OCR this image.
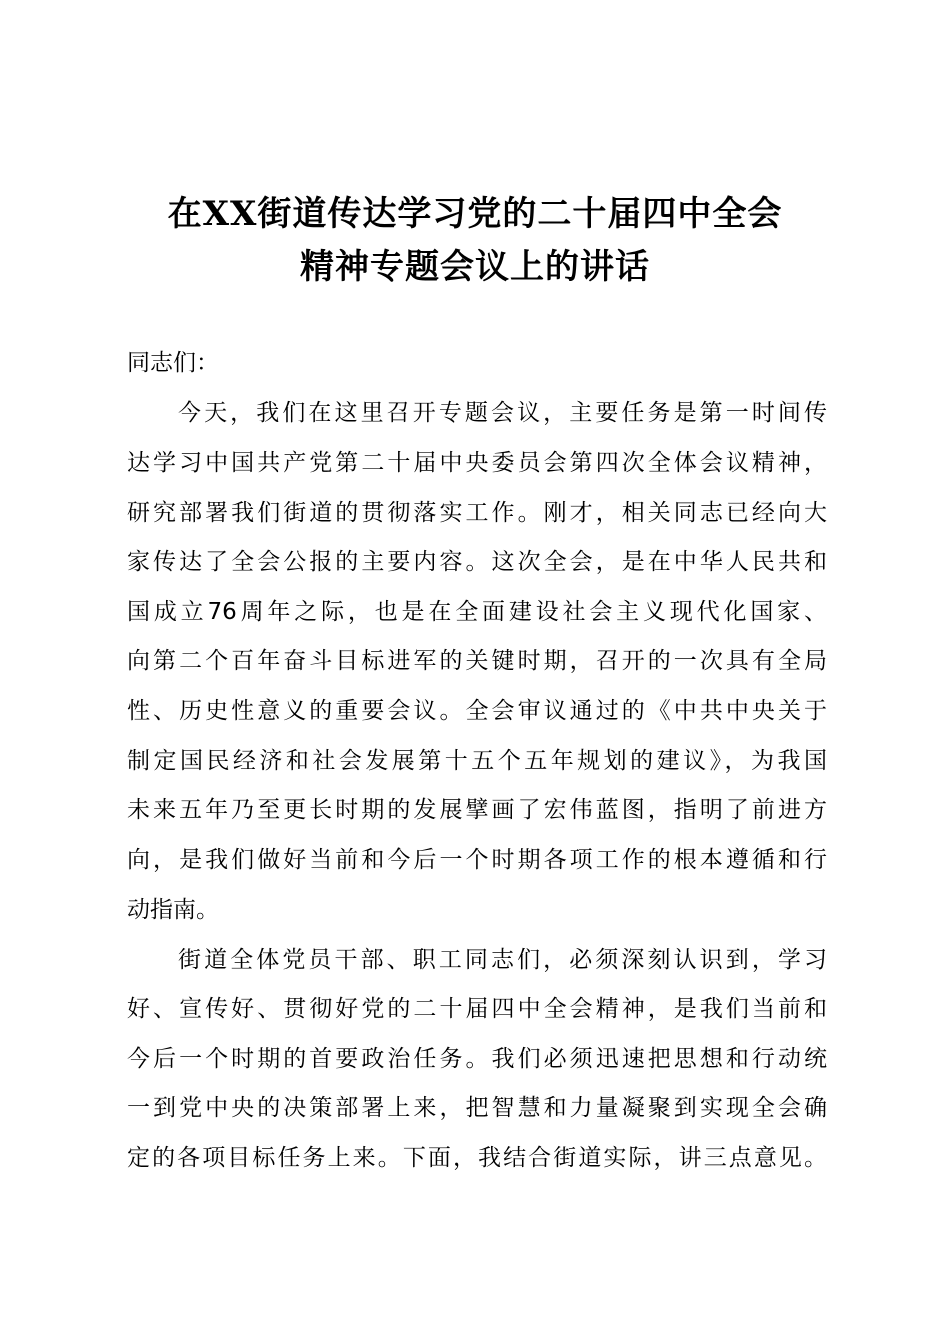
在XX街道传达学习党的二十届四中全会
精神专题会议上的讲话
同志们：
今天，我们在这里召开专题会议，主要任务是第一时间传
达学习中国共产党第二十届中央委员会第四次全体会议精神，
研究部署我们街道的贯彻落实工作。刚才，相关同志已经向大
家传达了全会公报的主要内容。这次全会，是在中华人民共和
国成立76周年之际，也是在全面建设社会主义现代化国家、
向第二个百年奋斗目标进军的关键时期，召开的一次具有全局
性、历史性意义的重要会议。全会审议通过的《中共中央关于
制定国民经济和社会发展第十五个五年规划的建议》，为我国
未来五年乃至更长时期的发展擘画了宏伟蓝图，指明了前进方
向，是我们做好当前和今后一个时期各项工作的根本遵循和行
动指南。
街道全体党员干部、职工同志们，必须深刻认识到，学习
好、宣传好、贯彻好党的二十届四中全会精神，是我们当前和
今后一个时期的首要政治任务。我们必须迅速把思想和行动统
一到党中央的决策部署上来，把智慧和力量凝聚到实现全会确
定的各项目标任务上来。下面，我结合街道实际，讲三点意见。
